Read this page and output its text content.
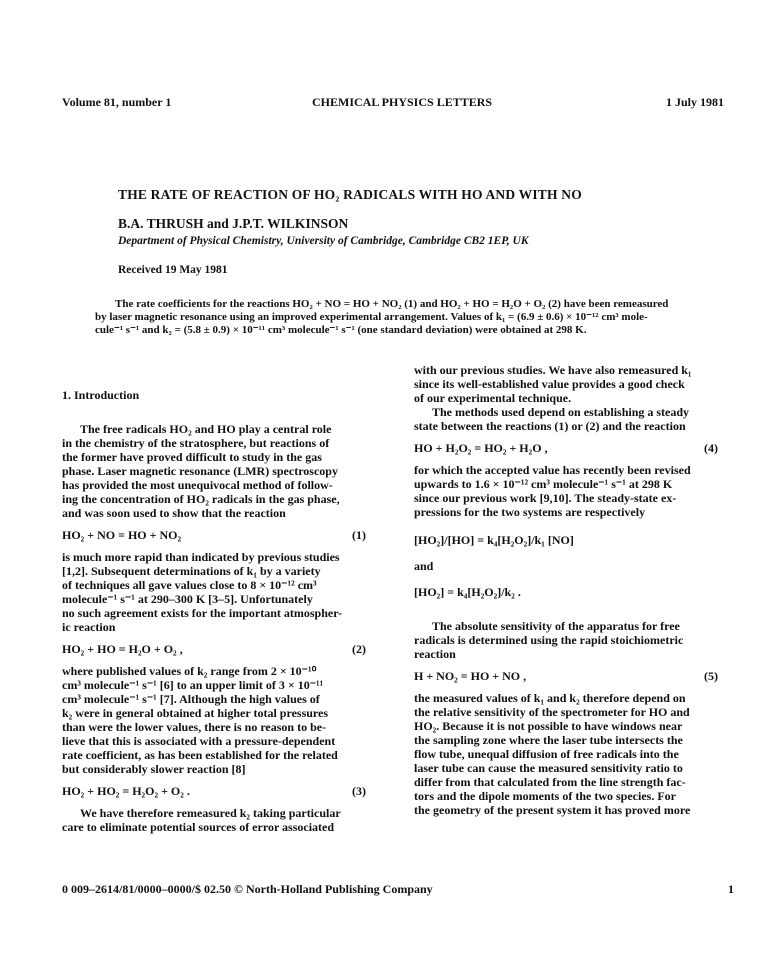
Volume 81, number 1	CHEMICAL PHYSICS LETTERS	1 July 1981
THE RATE OF REACTION OF HO₂ RADICALS WITH HO AND WITH NO
B.A. THRUSH and J.P.T. WILKINSON
Department of Physical Chemistry, University of Cambridge, Cambridge CB2 1EP, UK
Received 19 May 1981
The rate coefficients for the reactions HO₂ + NO = HO + NO₂ (1) and HO₂ + HO = H₂O + O₂ (2) have been remeasured
by laser magnetic resonance using an improved experimental arrangement. Values of k₁ = (6.9 ± 0.6) × 10⁻¹² cm³ mole-
cule⁻¹ s⁻¹ and k₂ = (5.8 ± 0.9) × 10⁻¹¹ cm³ molecule⁻¹ s⁻¹ (one standard deviation) were obtained at 298 K.
1. Introduction
The free radicals HO₂ and HO play a central role
in the chemistry of the stratosphere, but reactions of
the former have proved difficult to study in the gas
phase. Laser magnetic resonance (LMR) spectroscopy
has provided the most unequivocal method of follow-
ing the concentration of HO₂ radicals in the gas phase,
and was soon used to show that the reaction
HO₂ + NO = HO + NO₂	(1)
is much more rapid than indicated by previous studies
[1,2]. Subsequent determinations of k₁ by a variety
of techniques all gave values close to 8 × 10⁻¹² cm³
molecule⁻¹ s⁻¹ at 290–300 K [3–5]. Unfortunately
no such agreement exists for the important atmospher-
ic reaction
HO₂ + HO = H₂O + O₂ ,	(2)
where published values of k₂ range from 2 × 10⁻¹⁰
cm³ molecule⁻¹ s⁻¹ [6] to an upper limit of 3 × 10⁻¹¹
cm³ molecule⁻¹ s⁻¹ [7]. Although the high values of
k₂ were in general obtained at higher total pressures
than were the lower values, there is no reason to be-
lieve that this is associated with a pressure-dependent
rate coefficient, as has been established for the related
but considerably slower reaction [8]
HO₂ + HO₂ = H₂O₂ + O₂ .	(3)
We have therefore remeasured k₂ taking particular
care to eliminate potential sources of error associated
with our previous studies. We have also remeasured k₁
since its well-established value provides a good check
of our experimental technique.
The methods used depend on establishing a steady
state between the reactions (1) or (2) and the reaction
HO + H₂O₂ = HO₂ + H₂O ,	(4)
for which the accepted value has recently been revised
upwards to 1.6 × 10⁻¹² cm³ molecule⁻¹ s⁻¹ at 298 K
since our previous work [9,10]. The steady-state ex-
pressions for the two systems are respectively
[HO₂]/[HO] = k₄[H₂O₂]/k₁ [NO]
and
[HO₂] = k₄[H₂O₂]/k₂ .
The absolute sensitivity of the apparatus for free
radicals is determined using the rapid stoichiometric
reaction
H + NO₂ = HO + NO ,	(5)
the measured values of k₁ and k₂ therefore depend on
the relative sensitivity of the spectrometer for HO and
HO₂. Because it is not possible to have windows near
the sampling zone where the laser tube intersects the
flow tube, unequal diffusion of free radicals into the
laser tube can cause the measured sensitivity ratio to
differ from that calculated from the line strength fac-
tors and the dipole moments of the two species. For
the geometry of the present system it has proved more
0 009–2614/81/0000–0000/$ 02.50 © North-Holland Publishing Company	1
